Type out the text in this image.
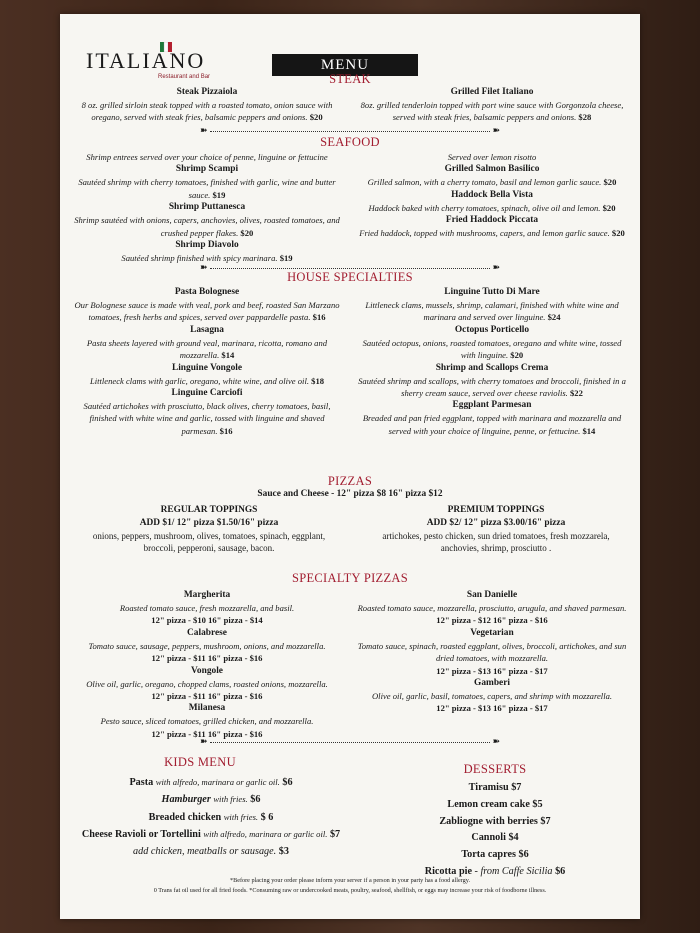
ITALIANO
Restaurant and Bar
MENU
STEAK
Steak Pizzaiola
8 oz. grilled sirloin steak topped with a roasted tomato, onion sauce with oregano, served with steak fries, balsamic peppers and onions. $20
Grilled Filet Italiano
8oz. grilled tenderloin topped with port wine sauce with Gorgonzola cheese, served with steak fries, balsamic peppers and onions. $28
➽	➽
SEAFOOD
Shrimp entrees served over your choice of penne, linguine or fettucine
Shrimp Scampi
Sautéed shrimp with cherry tomatoes, finished with garlic, wine and butter sauce. $19
Shrimp Puttanesca
Shrimp sautéed with onions, capers, anchovies, olives, roasted tomatoes, and crushed pepper flakes. $20
Shrimp Diavolo
Sautéed shrimp finished with spicy marinara. $19
Served over lemon risotto
Grilled Salmon Basilico
Grilled salmon, with a cherry tomato, basil and lemon garlic sauce. $20
Haddock Bella Vista
Haddock baked with cherry tomatoes, spinach, olive oil and lemon. $20
Fried Haddock Piccata
Fried haddock, topped with mushrooms, capers, and lemon garlic sauce. $20
➽	➽
HOUSE SPECIALTIES
Pasta Bolognese
Our Bolognese sauce is made with veal, pork and beef, roasted San Marzano tomatoes, fresh herbs and spices, served over pappardelle pasta. $16
Lasagna
Pasta sheets layered with ground veal, marinara, ricotta, romano and mozzarella. $14
Linguine Vongole
Littleneck clams with garlic, oregano, white wine, and olive oil. $18
Linguine Carciofi
Sautéed artichokes with prosciutto, black olives, cherry tomatoes, basil, finished with white wine and garlic, tossed with linguine and shaved parmesan. $16
Linguine Tutto Di Mare
Littleneck clams, mussels, shrimp, calamari, finished with white wine and marinara and served over linguine. $24
Octopus Porticello
Sautéed octopus, onions, roasted tomatoes, oregano and white wine, tossed with linguine. $20
Shrimp and Scallops Crema
Sautéed shrimp and scallops, with cherry tomatoes and broccoli, finished in a sherry cream sauce, served over cheese raviolis. $22
Eggplant Parmesan
Breaded and pan fried eggplant, topped with marinara and mozzarella and served with your choice of linguine, penne, or fettucine. $14
PIZZAS
Sauce and Cheese - 12" pizza $8 16" pizza $12
REGULAR TOPPINGS
ADD $1/ 12" pizza $1.50/16" pizza
onions, peppers, mushroom, olives, tomatoes, spinach, eggplant, broccoli, pepperoni, sausage, bacon.
PREMIUM TOPPINGS
ADD $2/ 12" pizza $3.00/16" pizza
artichokes, pesto chicken, sun dried tomatoes, fresh mozzarela, anchovies, shrimp, prosciutto .
SPECIALTY PIZZAS
Margherita
Roasted tomato sauce, fresh mozzarella, and basil.
12" pizza - $10 16" pizza - $14
Calabrese
Tomato sauce, sausage, peppers, mushroom, onions, and mozzarella.
12" pizza - $11 16" pizza - $16
Vongole
Olive oil, garlic, oregano, chopped clams, roasted onions, mozzarella.
12" pizza - $11 16" pizza - $16
Milanesa
Pesto sauce, sliced tomatoes, grilled chicken, and mozzarella.
12" pizza - $11 16" pizza - $16
San Danielle
Roasted tomato sauce, mozzarella, prosciutto, arugula, and shaved parmesan.
12" pizza - $12 16" pizza - $16
Vegetarian
Tomato sauce, spinach, roasted eggplant, olives, broccoli, artichokes, and sun dried tomatoes, with mozzarella.
12" pizza - $13 16" pizza - $17
Gamberi
Olive oil, garlic, basil, tomatoes, capers, and shrimp with mozzarella.
12" pizza - $13 16" pizza - $17
➽	➽
KIDS MENU
Pasta with alfredo, marinara or garlic oil. $6
Hamburger with fries. $6
Breaded chicken with fries. $ 6
Cheese Ravioli or Tortellini with alfredo, marinara or garlic oil. $7
add chicken, meatballs or sausage. $3
DESSERTS
Tiramisu $7
Lemon cream cake $5
Zabliogne with berries $7
Cannoli $4
Torta capres $6
Ricotta pie - from Caffe Sicilia $6
*Before placing your order please inform your server if a person in your party has a food allergy.
0 Trans fat oil used for all fried foods. *Consuming raw or undercooked meats, poultry, seafood, shellfish, or eggs may increase your risk of foodborne illness.
